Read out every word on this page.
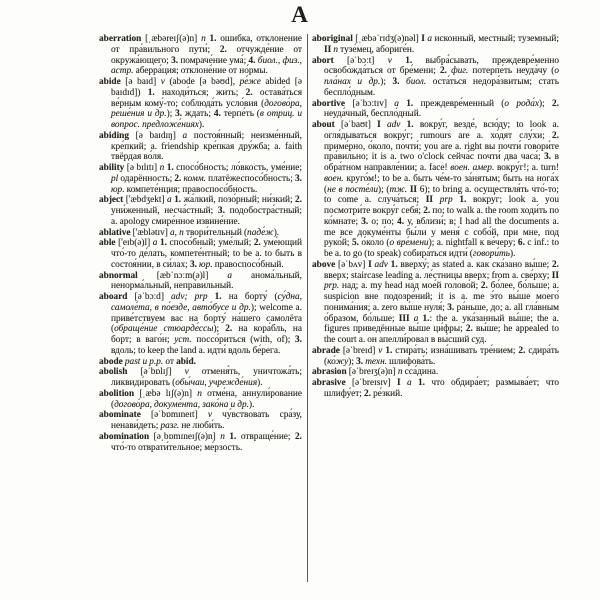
A

aberration [ˌæbəreɪʃ(ə)n] n 1. оши́бка, отклоне́ние от пра́вильного пути́; 2. отчужде́ние от окружа́ющего; 3. помраче́ние ума́; 4. биол., физ., астр. аберра́ция; отклоне́ние от но́рмы.

abide [ə baɪd] v (abode [ə bəʊd], ре́же abided [ə baɪdɪd]) 1. находи́ться; жить; 2. остава́ться ве́рным кому́-то; соблюда́ть усло́вия (догово́ра, реше́ния и др.); 3. ждать; 4. терпе́ть (в отриц. и вопрос. предложе́ниях).

abiding [ə baɪdɪŋ] a постоя́нный; неизме́нный, кре́пкий; a. friendship кре́пкая дру́жба; a. faith твёрдая во́ля.

ability [ə bɪlɪtɪ] n 1. спосо́бность; ло́вкость, уме́ние; pl одарённость; 2. комм. платёжеспосо́бность; 3. юр. компете́нция; правоспосо́бность.

abject ['æbdʒekt] a 1. жа́лкий, позо́рный; ни́зкий; 2. уни́женный, несча́стный; 3. подобостра́стный; a. apology смире́нное извине́ние.

ablative ['æblətɪv] a, n твори́тельный (паде́ж).

able ['eɪb(ə)l] a 1. спосо́бный; уме́лый; 2. уме́ющий что́-то де́лать, компете́нтный; to be a. to быть в состоя́нии, в си́лах; 3. юр. правоспосо́бный.

abnormal [æbˈnɔːm(ə)l] a анома́льный, ненорма́льный, непра́вильный.

aboard [əˈbɔːd] adv; prp 1. на борту́ (су́дна, самоле́та, в по́езде, авто́бусе и др.); welcome a. приве́тствуем вас на борту́ на́шего самолёта (обраще́ние стюарде́ссы); 2. на кора́бль, на борт; в ваго́н; уст. поссо́риться (with, of); 3. вдоль; to keep the land a. идти́ вдоль бе́рега.

abode past и p.p. от abid.

abolish [əˈbɒlɪʃ] v отменя́ть, уничтожа́ть; ликвиди́ровать (обы́чаи, учрежде́ния).

abolition [ˌæbə lɪʃ(ə)n] n отме́на, аннули́рование (догово́ра, докуме́нта, зако́на и др.).

abominate [əˈbɒmɪneɪt] v чу́вствовать сра́зу, ненави́деть; разг. не люби́ть.

abomination [əˌbɒmɪneɪʃ(ə)n] n 1. отвраще́ние; 2. что́-то отврати́тельное; ме́рзость.

aboriginal [ˌæbəˈrɪdʒ(ə)nəl] I a иско́нный, ме́стный; тузе́мный; II n тузе́мец, абориге́н.

abort [əˈbɔːt] v 1. выбра́сывать, преждевре́менно освобожда́ться от бре́мени; 2. фиг. потерпе́ть неуда́чу (о пла́нах и др.); 3. биол. оста́ться недора́звитым; стать беспло́дным.

abortive [əˈbɔːtɪv] a 1. преждевре́менный (о рода́х); 2. неуда́чный, беспло́дный.

about [əˈbaʊt] I adv 1. вокру́г, везде́, всю́ду; to look a. огля́дываться вокру́г; rumours are a. хо́дят слу́хи; 2. приме́рно, о́коло, почти́; you are a. right вы почти́ говори́те пра́вильно; it is a. two o'clock сейча́с почти́ два часа́; 3. в обра́тном направле́нии; a. face! воен. амер. вокру́г!; a. turn! воен. круго́м!; to be a. быть че́м-то за́нятым; быть на нога́х (не в посте́ли); (тж. II 6); to bring a. осуществля́ть что́-то; to come a. случа́ться; II prp 1. вокру́г; look a. you посмотри́те вокру́г себя́; 2. по; to walk a. the room ходи́ть по ко́мнате; 3. о; по; 4. у, вблизи́; в; I had all the documents a. me все докуме́нты бы́ли у меня́ с собо́й, при мне, под руко́й; 5. о́коло (о вре́мени); a. nightfall к ве́черу; 6. с inf.: to be a. to go (to speak) собира́ться идти́ (говори́ть).

above [əˈbʌv] I adv 1. вверху́; as stated a. как ска́зано вы́ше; 2. вверх; staircase leading a. ле́стницы вверх; from a. све́рху; II prp. над; a. my head над мое́й голово́й; 2. бо́лее, бо́льше; a. suspicion вне подозре́ний; it is a. me э́то вы́ше моего́ понима́ния; a. zero вы́ше нуля́; 3. ра́ньше, до; a. all гла́вным о́бразом, бо́льше; III a 1.: the a. ука́занный вы́ше; the a. figures приведённые вы́ше ци́фры; 2. вы́ше; he appealed to the court a. он апелли́ровал в вы́сший суд.

abrade [əˈbreɪd] v 1. стира́ть; изна́шивать тре́нием; 2. сдира́ть (ко́жу); 3. техн. шлифова́ть.

abrasion [əˈbreɪʒ(ə)n] n сса́дина.

abrasive [əˈbreɪsɪv] I a 1. что обдира́ет; размыва́ет; что шлифу́ет; 2. ре́зкий.
